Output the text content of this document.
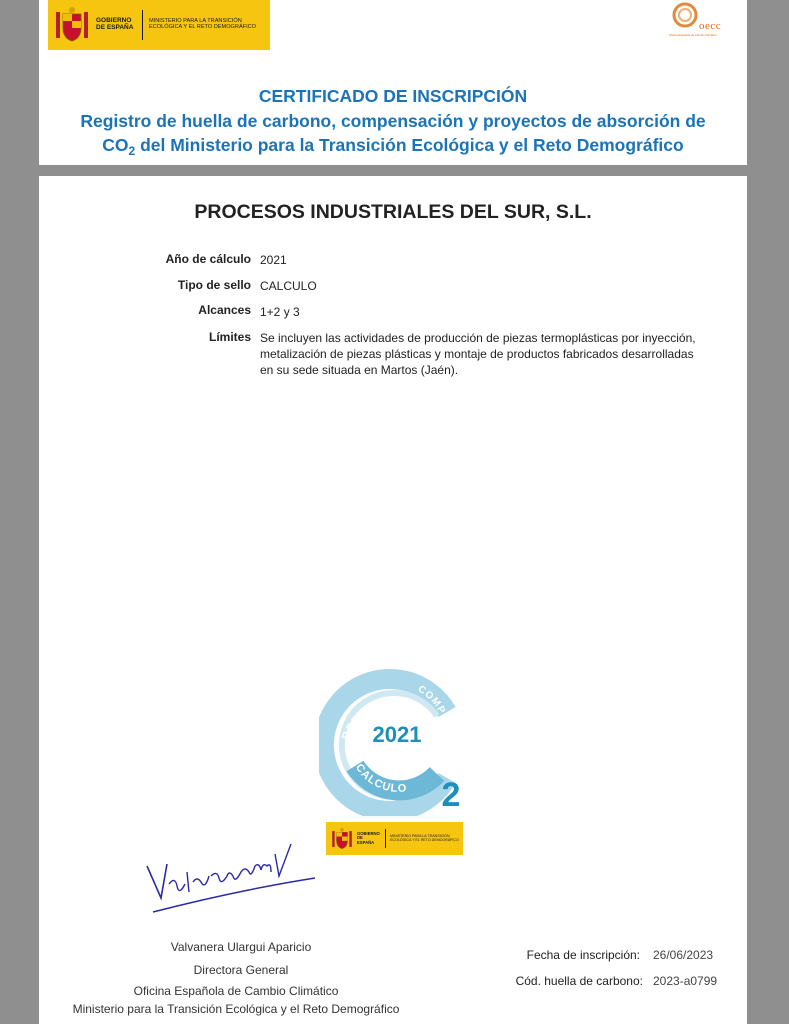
GOBIERNO DE ESPAÑA
MINISTERIO PARA LA TRANSICIÓN ECOLÓGICA Y EL RETO DEMOGRÁFICO	oecc
Oficina Española de Cambio Climático
CERTIFICADO DE INSCRIPCIÓN
Registro de huella de carbono, compensación y proyectos de absorción de
$CO_2$ del Ministerio para la Transición Ecológica y el Reto Demográfico
PROCESOS INDUSTRIALES DEL SUR, S.L.
Año de cálculo 2021
Tipo de sello CALCULO
Alcances 1+2 y 3
Límites Se incluyen las actividades de producción de piezas termoplásticas por inyección,
metalización de piezas plásticas y montaje de productos fabricados desarrolladas
en su sede situada en Martos (Jaén).
REDUZCO
COMPENSO
CALCULO
2021
2
GOBIERNO DE ESPAÑA
MINISTERIO PARA LA TRANSICIÓN ECOLÓGICA Y EL RETO DEMOGRÁFICO
Valvanera Ulargui Aparicio
Directora General
Oficina Española de Cambio Climático
Ministerio para la Transición Ecológica y el Reto Demográfico
Fecha de inscripción: 26/06/2023
Cód. huella de carbono: 2023-a0799
